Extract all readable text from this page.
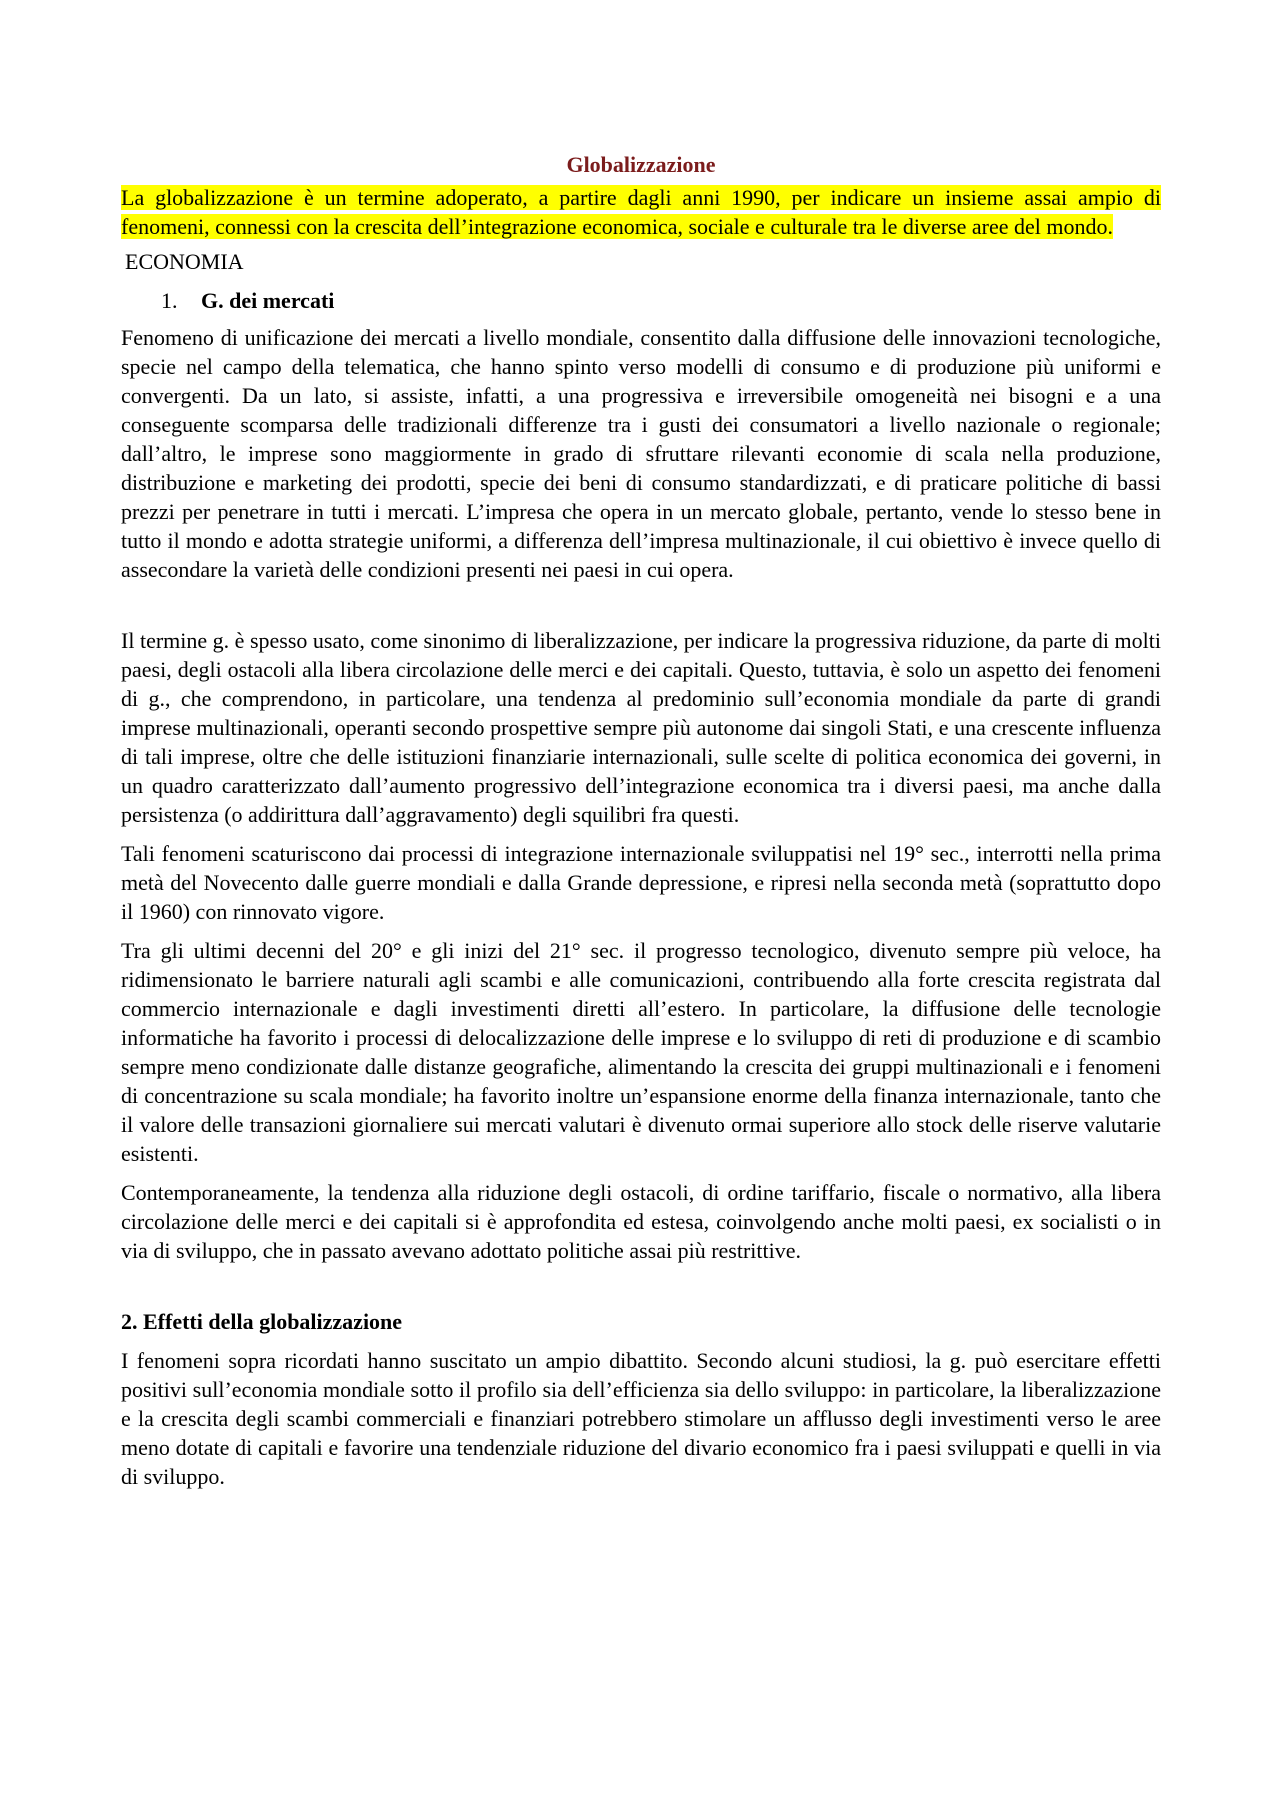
Globalizzazione

La globalizzazione è un termine adoperato, a partire dagli anni 1990, per indicare un insieme assai ampio di fenomeni, connessi con la crescita dell’integrazione economica, sociale e culturale tra le diverse aree del mondo.

ECONOMIA
1. G. dei mercati

Fenomeno di unificazione dei mercati a livello mondiale, consentito dalla diffusione delle innovazioni tecnologiche, specie nel campo della telematica, che hanno spinto verso modelli di consumo e di produzione più uniformi e convergenti. Da un lato, si assiste, infatti, a una progressiva e irreversibile omogeneità nei bisogni e a una conseguente scomparsa delle tradizionali differenze tra i gusti dei consumatori a livello nazionale o regionale; dall’altro, le imprese sono maggiormente in grado di sfruttare rilevanti economie di scala nella produzione, distribuzione e marketing dei prodotti, specie dei beni di consumo standardizzati, e di praticare politiche di bassi prezzi per penetrare in tutti i mercati. L’impresa che opera in un mercato globale, pertanto, vende lo stesso bene in tutto il mondo e adotta strategie uniformi, a differenza dell’impresa multinazionale, il cui obiettivo è invece quello di assecondare la varietà delle condizioni presenti nei paesi in cui opera.

Il termine g. è spesso usato, come sinonimo di liberalizzazione, per indicare la progressiva riduzione, da parte di molti paesi, degli ostacoli alla libera circolazione delle merci e dei capitali. Questo, tuttavia, è solo un aspetto dei fenomeni di g., che comprendono, in particolare, una tendenza al predominio sull’economia mondiale da parte di grandi imprese multinazionali, operanti secondo prospettive sempre più autonome dai singoli Stati, e una crescente influenza di tali imprese, oltre che delle istituzioni finanziarie internazionali, sulle scelte di politica economica dei governi, in un quadro caratterizzato dall’aumento progressivo dell’integrazione economica tra i diversi paesi, ma anche dalla persistenza (o addirittura dall’aggravamento) degli squilibri fra questi.

Tali fenomeni scaturiscono dai processi di integrazione internazionale sviluppatisi nel 19° sec., interrotti nella prima metà del Novecento dalle guerre mondiali e dalla Grande depressione, e ripresi nella seconda metà (soprattutto dopo il 1960) con rinnovato vigore.

Tra gli ultimi decenni del 20° e gli inizi del 21° sec. il progresso tecnologico, divenuto sempre più veloce, ha ridimensionato le barriere naturali agli scambi e alle comunicazioni, contribuendo alla forte crescita registrata dal commercio internazionale e dagli investimenti diretti all’estero. In particolare, la diffusione delle tecnologie informatiche ha favorito i processi di delocalizzazione delle imprese e lo sviluppo di reti di produzione e di scambio sempre meno condizionate dalle distanze geografiche, alimentando la crescita dei gruppi multinazionali e i fenomeni di concentrazione su scala mondiale; ha favorito inoltre un’espansione enorme della finanza internazionale, tanto che il valore delle transazioni giornaliere sui mercati valutari è divenuto ormai superiore allo stock delle riserve valutarie esistenti.

Contemporaneamente, la tendenza alla riduzione degli ostacoli, di ordine tariffario, fiscale o normativo, alla libera circolazione delle merci e dei capitali si è approfondita ed estesa, coinvolgendo anche molti paesi, ex socialisti o in via di sviluppo, che in passato avevano adottato politiche assai più restrittive.

2. Effetti della globalizzazione

I fenomeni sopra ricordati hanno suscitato un ampio dibattito. Secondo alcuni studiosi, la g. può esercitare effetti positivi sull’economia mondiale sotto il profilo sia dell’efficienza sia dello sviluppo: in particolare, la liberalizzazione e la crescita degli scambi commerciali e finanziari potrebbero stimolare un afflusso degli investimenti verso le aree meno dotate di capitali e favorire una tendenziale riduzione del divario economico fra i paesi sviluppati e quelli in via di sviluppo.
